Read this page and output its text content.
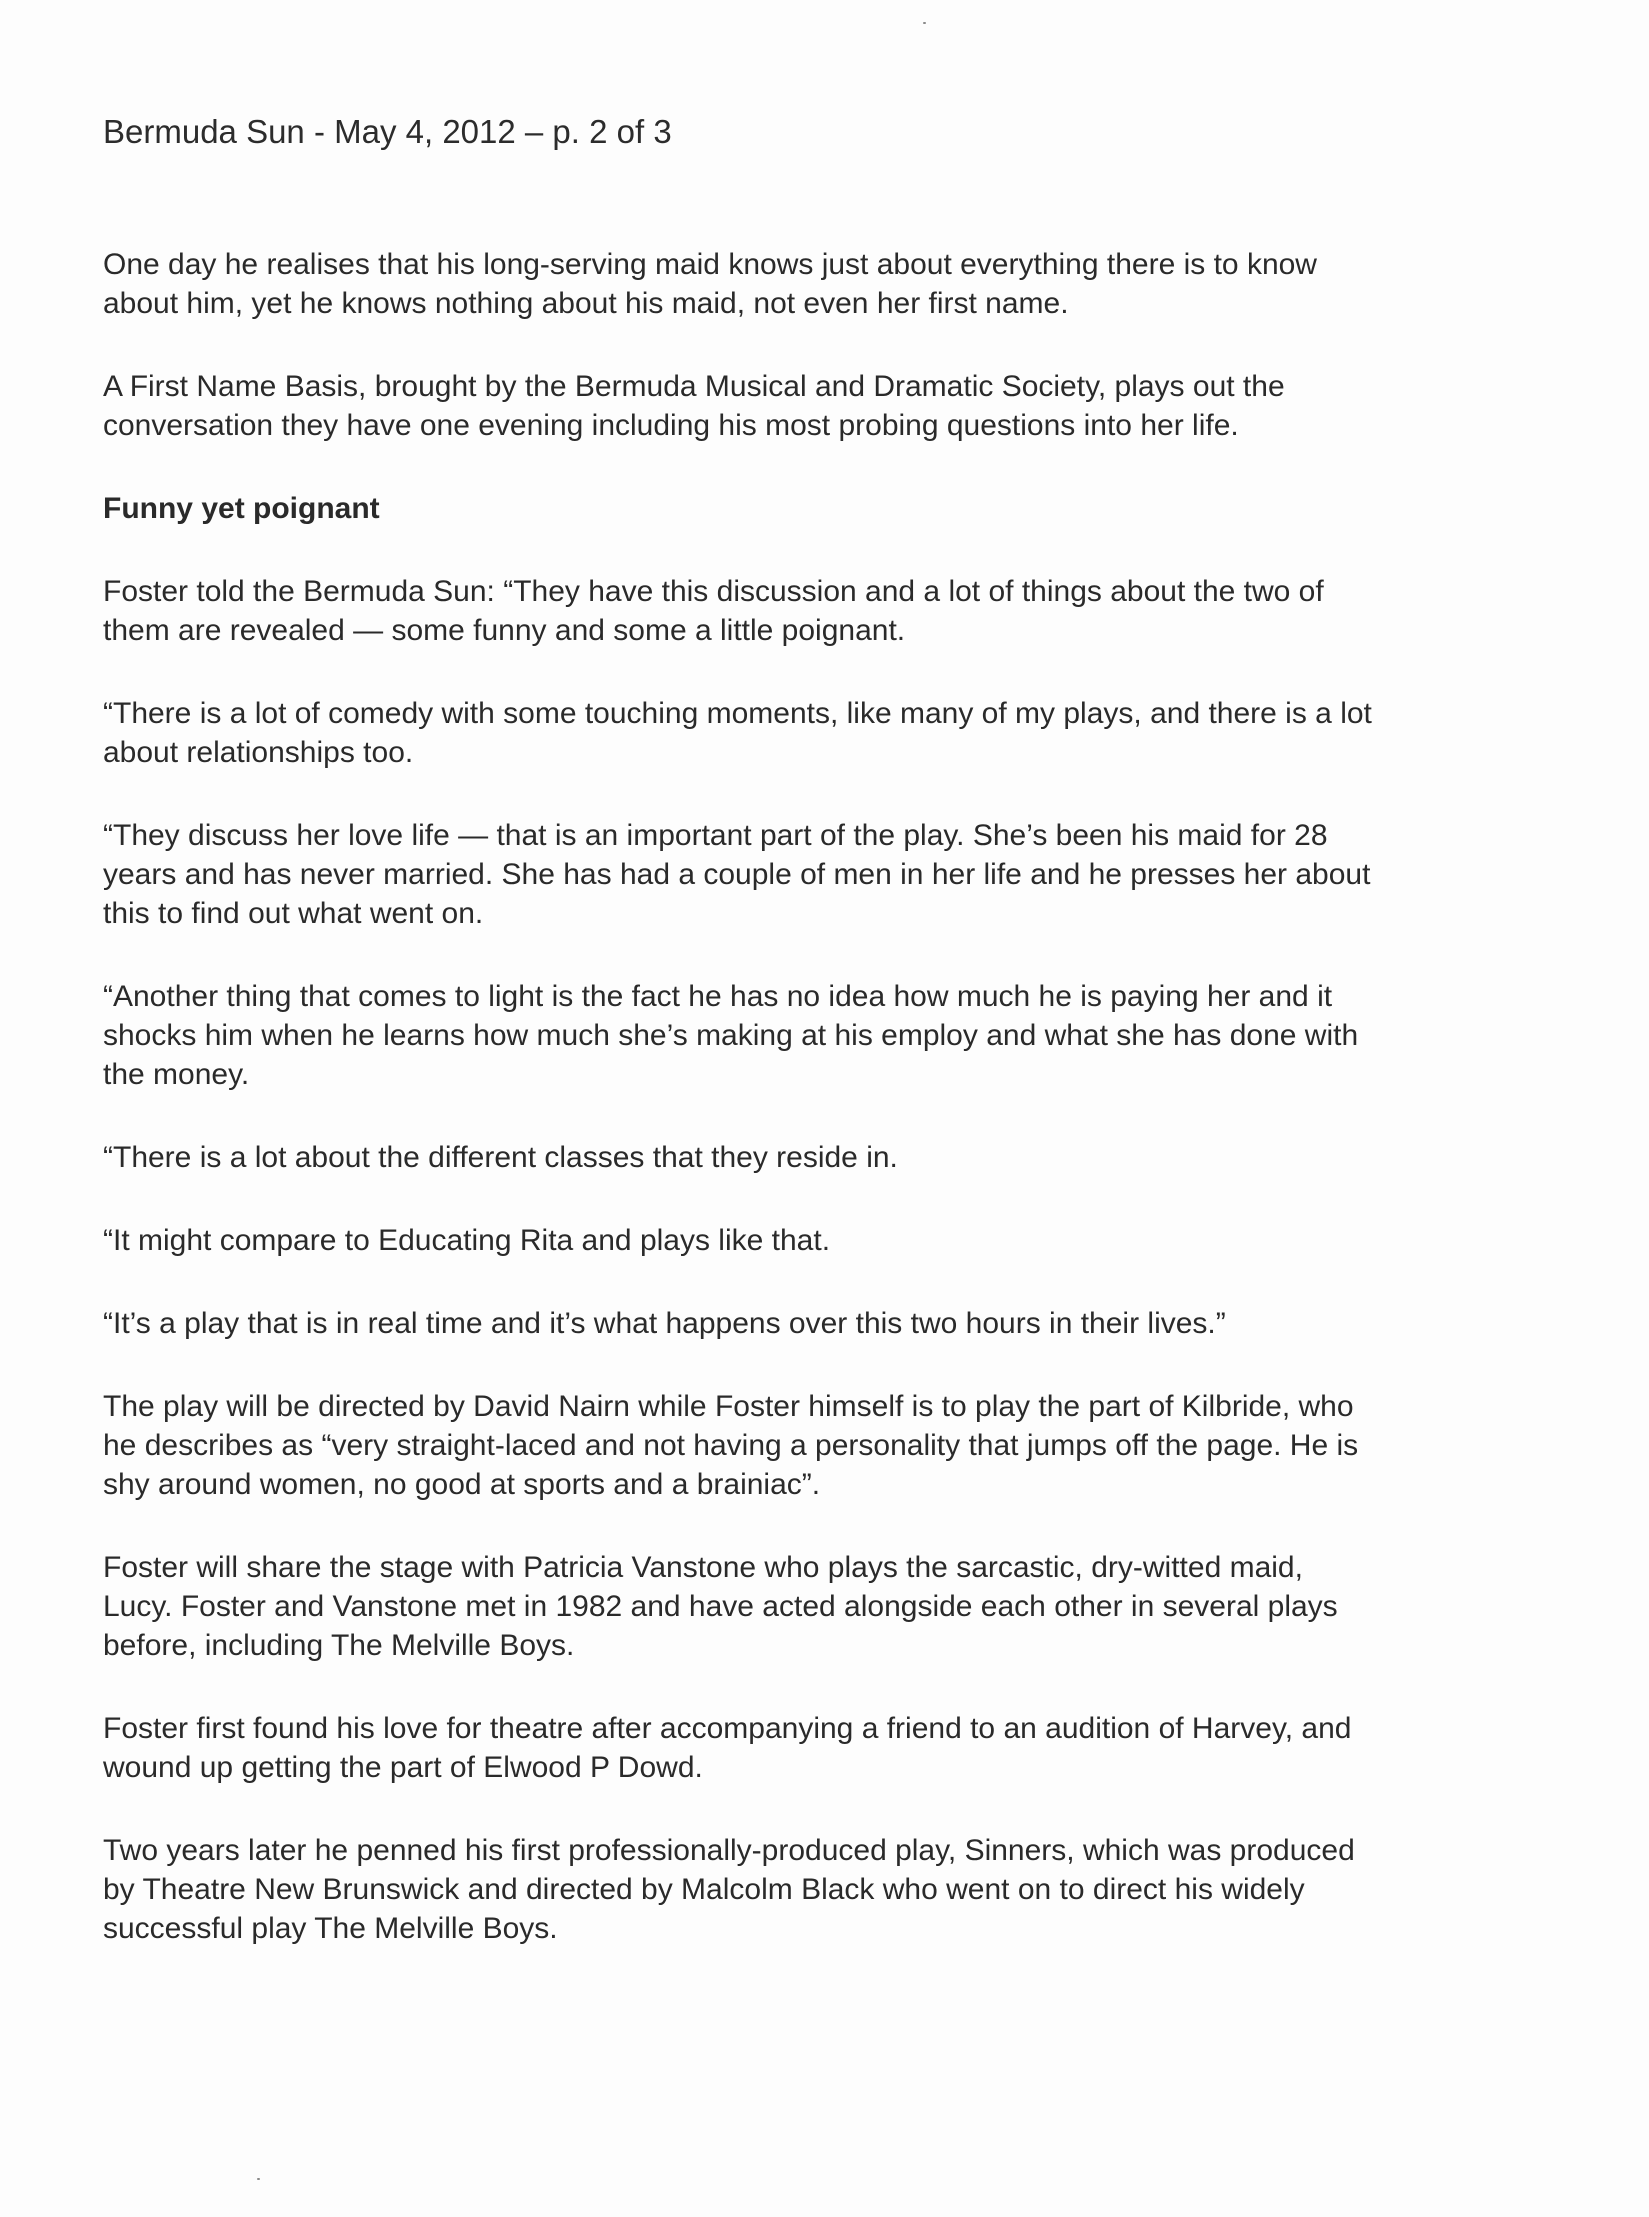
Bermuda Sun - May 4, 2012 – p. 2 of 3

One day he realises that his long-serving maid knows just about everything there is to know
about him, yet he knows nothing about his maid, not even her first name.

A First Name Basis, brought by the Bermuda Musical and Dramatic Society, plays out the
conversation they have one evening including his most probing questions into her life.

Funny yet poignant

Foster told the Bermuda Sun: “They have this discussion and a lot of things about the two of
them are revealed — some funny and some a little poignant.

“There is a lot of comedy with some touching moments, like many of my plays, and there is a lot
about relationships too.

“They discuss her love life — that is an important part of the play. She’s been his maid for 28
years and has never married. She has had a couple of men in her life and he presses her about
this to find out what went on.

“Another thing that comes to light is the fact he has no idea how much he is paying her and it
shocks him when he learns how much she’s making at his employ and what she has done with
the money.

“There is a lot about the different classes that they reside in.

“It might compare to Educating Rita and plays like that.

“It’s a play that is in real time and it’s what happens over this two hours in their lives.”

The play will be directed by David Nairn while Foster himself is to play the part of Kilbride, who
he describes as “very straight-laced and not having a personality that jumps off the page. He is
shy around women, no good at sports and a brainiac”.

Foster will share the stage with Patricia Vanstone who plays the sarcastic, dry-witted maid,
Lucy. Foster and Vanstone met in 1982 and have acted alongside each other in several plays
before, including The Melville Boys.

Foster first found his love for theatre after accompanying a friend to an audition of Harvey, and
wound up getting the part of Elwood P Dowd.

Two years later he penned his first professionally-produced play, Sinners, which was produced
by Theatre New Brunswick and directed by Malcolm Black who went on to direct his widely
successful play The Melville Boys.
